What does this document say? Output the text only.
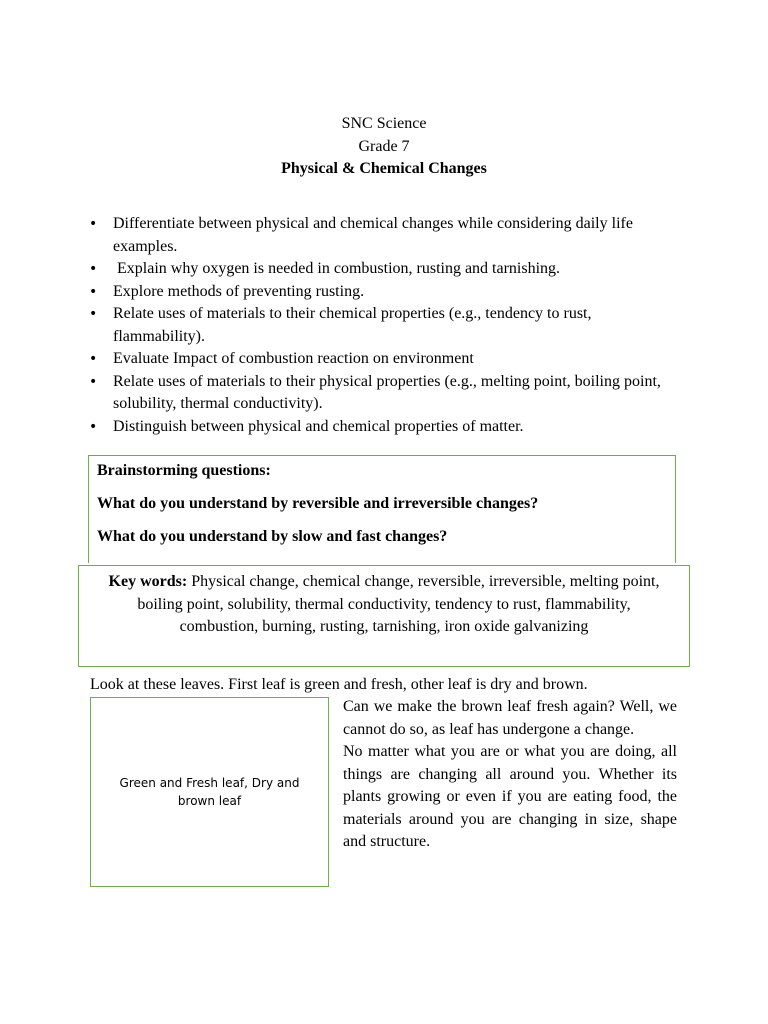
SNC Science
Grade 7
Physical & Chemical Changes
• Differentiate between physical and chemical changes while considering daily life examples.
•  Explain why oxygen is needed in combustion, rusting and tarnishing.
• Explore methods of preventing rusting.
• Relate uses of materials to their chemical properties (e.g., tendency to rust, flammability).
• Evaluate Impact of combustion reaction on environment
• Relate uses of materials to their physical properties (e.g., melting point, boiling point, solubility, thermal conductivity).
• Distinguish between physical and chemical properties of matter.

Brainstorming questions:

What do you understand by reversible and irreversible changes?

What do you understand by slow and fast changes?

Key words: Physical change, chemical change, reversible, irreversible, melting point, boiling point, solubility, thermal conductivity, tendency to rust, flammability, combustion, burning, rusting, tarnishing, iron oxide galvanizing
Look at these leaves. First leaf is green and fresh, other leaf is dry and brown.
Green and Fresh leaf, Dry and brown leaf

Can we make the brown leaf fresh again? Well, we cannot do so, as leaf has undergone a change.

No matter what you are or what you are doing, all things are changing all around you. Whether its plants growing or even if you are eating food, the materials around you are changing in size, shape and structure.
